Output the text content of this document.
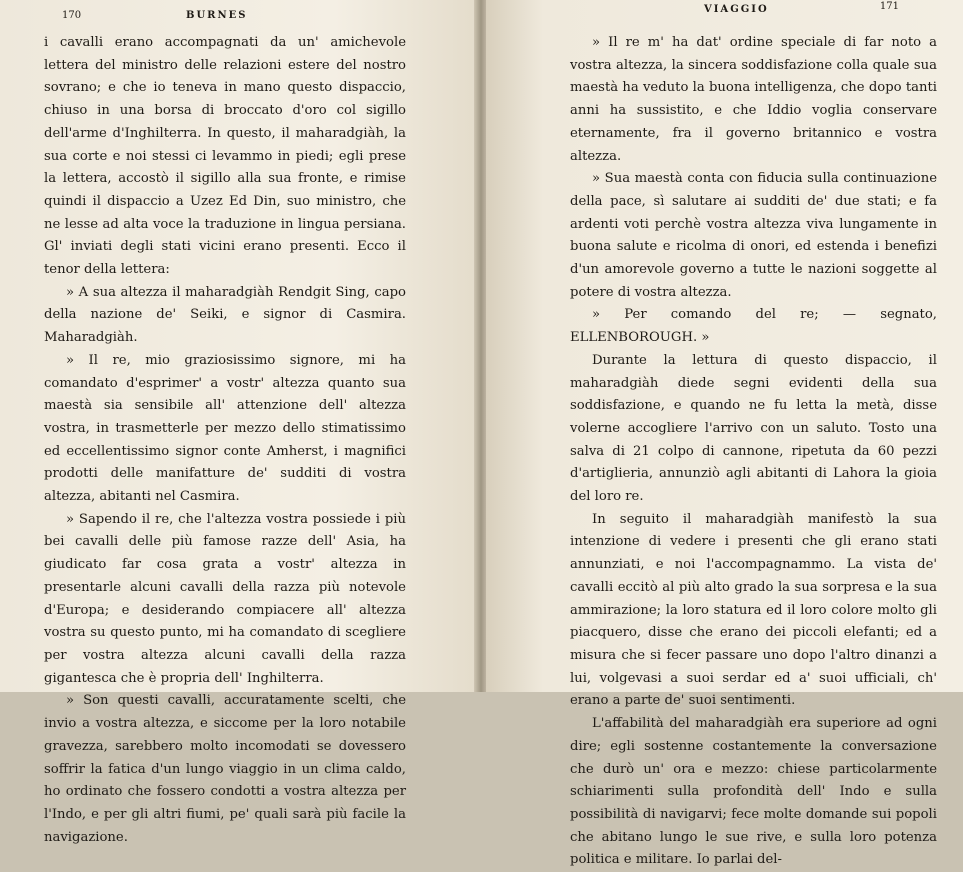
170	BURNES

i cavalli erano accompagnati da un' amichevole lettera del ministro delle relazioni estere del nostro sovrano; e che io teneva in mano questo dispaccio, chiuso in una borsa di broccato d'oro col sigillo dell'arme d'Inghilterra. In questo, il maharadgiàh, la sua corte e noi stessi ci levammo in piedi; egli prese la lettera, accostò il sigillo alla sua fronte, e rimise quindi il dispaccio a Uzez Ed Din, suo ministro, che ne lesse ad alta voce la traduzione in lingua persiana. Gl' inviati degli stati vicini erano presenti. Ecco il tenor della lettera:

» A sua altezza il maharadgiàh Rendgit Sing, capo della nazione de' Seiki, e signor di Casmira. Maharadgiàh.

» Il re, mio graziosissimo signore, mi ha comandato d'esprimer' a vostr' altezza quanto sua maestà sia sensibile all' attenzione dell' altezza vostra, in trasmetterle per mezzo dello stimatissimo ed eccellentissimo signor conte Amherst, i magnifici prodotti delle manifatture de' sudditi di vostra altezza, abitanti nel Casmira.

» Sapendo il re, che l'altezza vostra possiede i più bei cavalli delle più famose razze dell' Asia, ha giudicato far cosa grata a vostr' altezza in presentarle alcuni cavalli della razza più notevole d'Europa; e desiderando compiacere all' altezza vostra su questo punto, mi ha comandato di scegliere per vostra altezza alcuni cavalli della razza gigantesca che è propria dell' Inghilterra.

» Son questi cavalli, accuratamente scelti, che invio a vostra altezza, e siccome per la loro notabile gravezza, sarebbero molto incomodati se dovessero soffrir la fatica d'un lungo viaggio in un clima caldo, ho ordinato che fossero condotti a vostra altezza per l'Indo, e per gli altri fiumi, pe' quali sarà più facile la navigazione.

VIAGGIO	171

» Il re m' ha dat' ordine speciale di far noto a vostra altezza, la sincera soddisfazione colla quale sua maestà ha veduto la buona intelligenza, che dopo tanti anni ha sussistito, e che Iddio voglia conservare eternamente, fra il governo britannico e vostra altezza.

» Sua maestà conta con fiducia sulla continuazione della pace, sì salutare ai sudditi de' due stati; e fa ardenti voti perchè vostra altezza viva lungamente in buona salute e ricolma di onori, ed estenda i benefizi d'un amorevole governo a tutte le nazioni soggette al potere di vostra altezza.

» Per comando del re; — segnato, ELLENBOROUGH. »

Durante la lettura di questo dispaccio, il maharadgiàh diede segni evidenti della sua soddisfazione, e quando ne fu letta la metà, disse volerne accogliere l'arrivo con un saluto. Tosto una salva di 21 colpo di cannone, ripetuta da 60 pezzi d'artiglieria, annunziò agli abitanti di Lahora la gioia del loro re.

In seguito il maharadgiàh manifestò la sua intenzione di vedere i presenti che gli erano stati annunziati, e noi l'accompagnammo. La vista de' cavalli eccitò al più alto grado la sua sorpresa e la sua ammirazione; la loro statura ed il loro colore molto gli piacquero, disse che erano dei piccoli elefanti; ed a misura che si fecer passare uno dopo l'altro dinanzi a lui, volgevasi a suoi serdar ed a' suoi ufficiali, ch' erano a parte de' suoi sentimenti.

L'affabilità del maharadgiàh era superiore ad ogni dire; egli sostenne costantemente la conversazione che durò un' ora e mezzo: chiese particolarmente schiarimenti sulla profondità dell' Indo e sulla possibilità di navigarvi; fece molte domande sui popoli che abitano lungo le sue rive, e sulla loro potenza politica e militare. Io parlai del-
